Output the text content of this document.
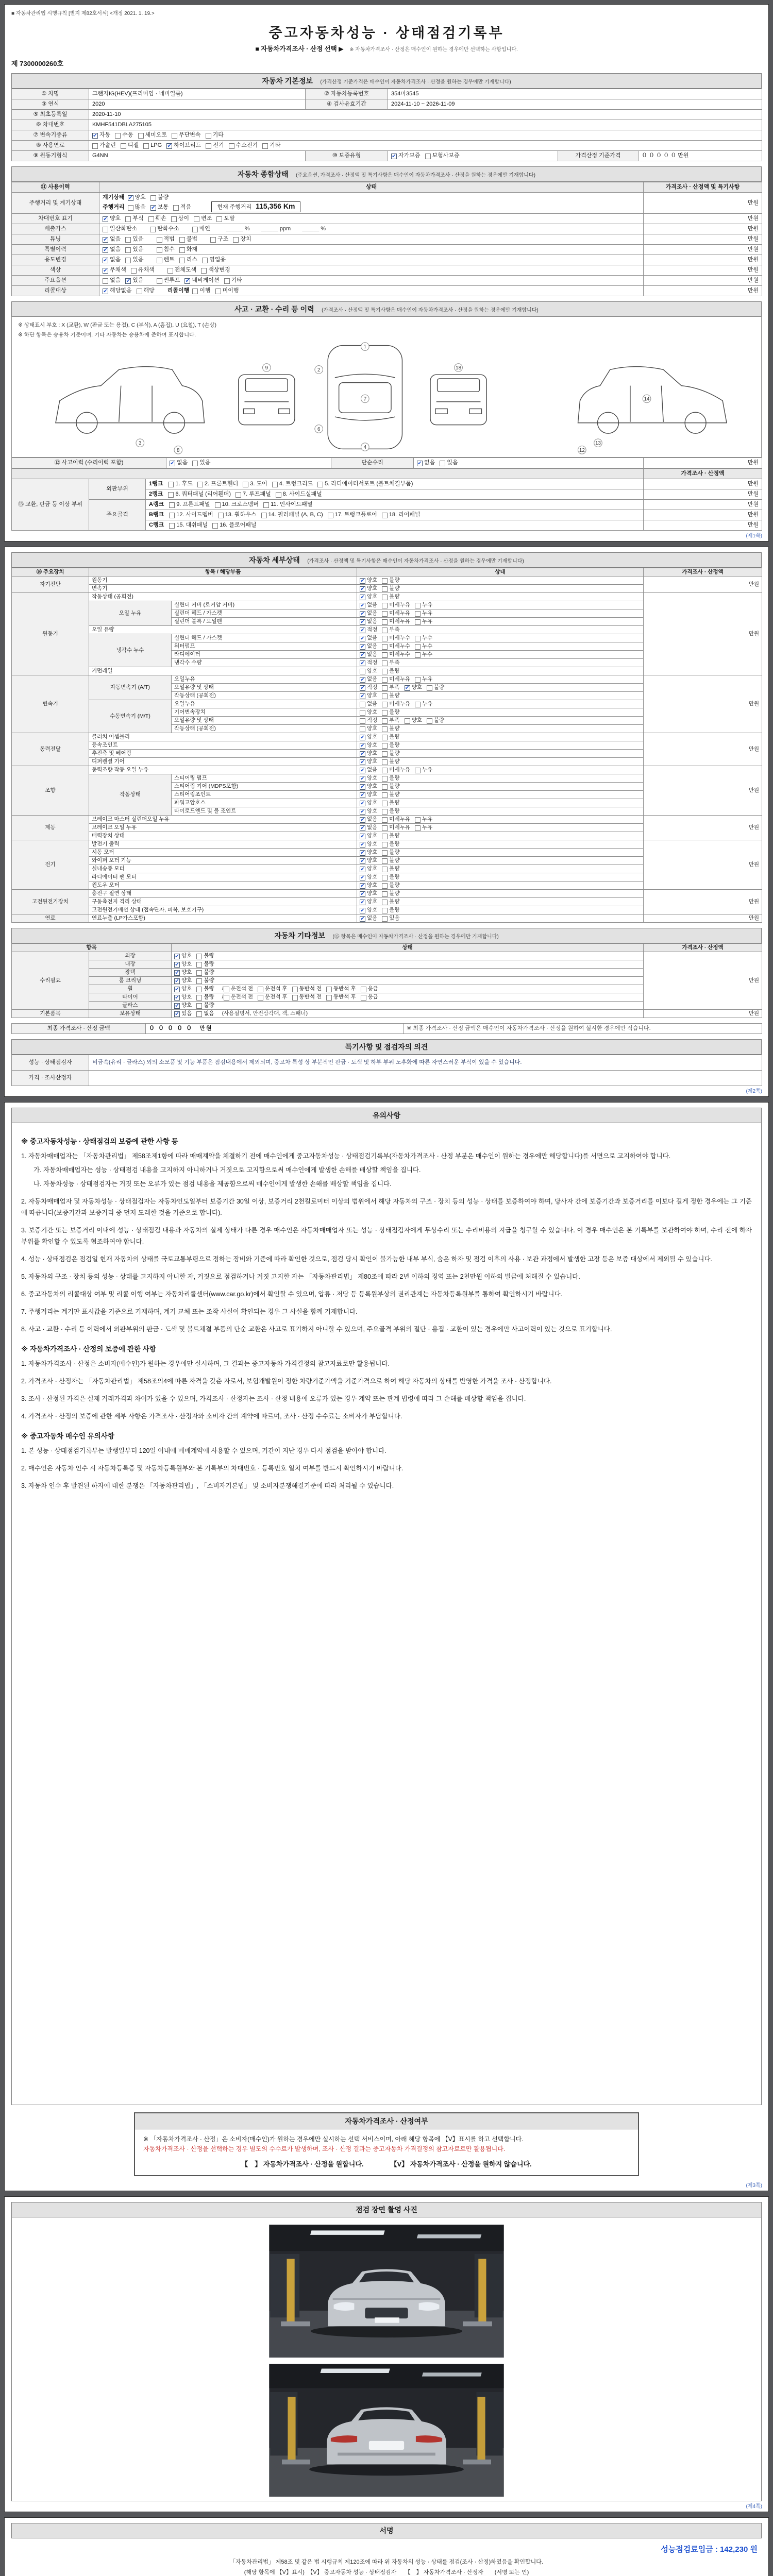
■ 자동차관리법 시행규칙 [별지 제82호서식] <개정 2021. 1. 19.>
중고자동차성능 · 상태점검기록부
■ 자동차가격조사 · 산정 선택 ▶ ※ 자동차가격조사 · 산정은 매수인이 원하는 경우에만 선택하는 사항입니다.
제 7300000260호
자동차 기본정보 (가격산정 기준가격은 매수인이 자동차가격조사 · 산정을 원하는 경우에만 기재합니다)
① 차명	그랜저IG(HEV)(프리미엄 · 네비얼룸)	② 자동차등록번호	354마3545		
③ 연식	2020	④ 검사유효기간	2024-11-10 ~ 2026-11-09		
⑤ 최초등록일	2020-11-10				
⑥ 차대번호	KMHF541DBLA275105				
⑦ 변속기종류	✔ 자동 수동 세미오토 무단변속 기타				
⑧ 사용연료	가솔린 디젤 LPG ✔ 하이브리드 전기 수소전기 기타				
⑨ 원동기형식	G4NN	⑩ 보증유형	✔ 자가보증 보험사보증	가격산정 기준가격	０ ０ ０ ０ ０ 만원
자동차 종합상태 (주요옵션, 가격조사 · 산정액 및 특기사항은 매수인이 자동차가격조사 · 산정을 원하는 경우에만 기재합니다)
⑪ 사용이력	상태	가격조사 · 산정액 및 특기사항
주행거리 및 계기상태	계기상태 ✔ 양호 불량
주행거리 많음 ✔ 보통 적음 현재 주행거리 115,356 Km	만원
차대번호 표기	✔ 양호 부식 훼손 상이 변조 도말	만원
배출가스	일산화탄소 탄화수소 매연 ＿＿＿ %　　＿＿＿ ppm　　＿＿＿ %	만원
튜닝	✔ 없음 있음 적법 불법 구조 장치	만원
특별이력	✔ 없음 있음 침수 화재	만원
용도변경	✔ 없음 있음 렌트 리스 영업용	만원
색상	✔ 무채색 유채색 전체도색 색상변경	만원
주요옵션	없음 ✔ 있음 썬루프 ✔ 네비게이션 기타	만원
리콜대상	✔ 해당없음 해당 리콜이행 이행 미이행	만원
사고 · 교환 · 수리 등 이력 (가격조사 · 산정액 및 특기사항은 매수인이 자동차가격조사 · 산정을 원하는 경우에만 기재합니다)
※ 상태표시 부호 : X (교환), W (판금 또는 용접), C (부식), A (흠집), U (요철), T (손상)
※ 하단 항목은 승용차 기준이며, 기타 자동차는 승용차에 준하여 표시합니다.
1
7
4
2
6
3
8
9
12
13
14
18
⑫ 사고이력 (수리이력 포함)	✔ 없음 있음	단순수리	✔ 없음 있음	만원
			가격조사 · 산정액
⑬ 교환, 판금 등 이상 부위	외판부위	1랭크 1. 후드 2. 프론트휀더 3. 도어 4. 트렁크리드 5. 라디에이터서포트 (볼트체결부품)	만원
		2랭크 6. 쿼터패널 (리어휀더) 7. 루프패널 8. 사이드실패널	만원
	주요골격	A랭크 9. 프론트패널 10. 크로스멤버 11. 인사이드패널	만원
		B랭크 12. 사이드멤버 13. 휠하우스 14. 필러패널 (A, B, C) 17. 트렁크플로어 18. 리어패널	만원
		C랭크 15. 대쉬패널 16. 플로어패널	만원
(제1쪽)
자동차 세부상태 (가격조사 · 산정액 및 특기사항은 매수인이 자동차가격조사 · 산정을 원하는 경우에만 기재합니다)
⑭ 주요장치	항목 / 해당부품		상태	가격조사 · 산정액
자기진단	원동기		✔ 양호 불량	만원
	변속기		✔ 양호 불량	
원동기	작동상태 (공회전)		✔ 양호 불량	만원
	오일 누유	실린더 커버 (로커암 커버)	✔ 없음 미세누유 누유	
		실린더 헤드 / 가스켓	✔ 없음 미세누유 누유	
		실린더 블록 / 오일팬	✔ 없음 미세누유 누유	
	오일 유량		✔ 적정 부족	
	냉각수 누수	실린더 헤드 / 가스켓	✔ 없음 미세누수 누수	
		워터펌프	✔ 없음 미세누수 누수	
		라디에이터	✔ 없음 미세누수 누수	
		냉각수 수량	✔ 적정 부족	
	커먼레일		양호 불량	
변속기	자동변속기 (A/T)	오일누유	✔ 없음 미세누유 누유	만원
		오일유량 및 상태	✔ 적정 부족 ✔ 양호 불량	
		작동상태 (공회전)	✔ 양호 불량	
	수동변속기 (M/T)	오일누유	없음 미세누유 누유	
		기어변속장치	양호 불량	
		오일유량 및 상태	적정 부족 양호 불량	
		작동상태 (공회전)	양호 불량	
동력전달	클러치 어셈블리		✔ 양호 불량	만원
	등속조인트		✔ 양호 불량	
	추진축 및 베어링		✔ 양호 불량	
	디퍼렌셜 기어		✔ 양호 불량	
조향	동력조향 작동 오일 누유		✔ 없음 미세누유 누유	만원
	작동상태	스티어링 펌프	✔ 양호 불량	
		스티어링 기어 (MDPS포함)	✔ 양호 불량	
		스티어링조인트	✔ 양호 불량	
		파워고압호스	✔ 양호 불량	
		타이로드엔드 및 볼 조인트	✔ 양호 불량	
제동	브레이크 마스터 실린더오일 누유		✔ 없음 미세누유 누유	만원
	브레이크 오일 누유		✔ 없음 미세누유 누유	
	배력장치 상태		✔ 양호 불량	
전기	발전기 출력		✔ 양호 불량	만원
	시동 모터		✔ 양호 불량	
	와이퍼 모터 기능		✔ 양호 불량	
	실내송풍 모터		✔ 양호 불량	
	라디에이터 팬 모터		✔ 양호 불량	
	윈도우 모터		✔ 양호 불량	
고전원전기장치	충전구 절연 상태		✔ 양호 불량	만원
	구동축전지 격리 상태		✔ 양호 불량	
	고전원전기배선 상태 (접속단자, 피복, 보호기구)		✔ 양호 불량	
연료	연료누출 (LP가스포함)		✔ 없음 있음	만원
자동차 기타정보 (⑮ 항목은 매수인이 자동차가격조사 · 산정을 원하는 경우에만 기재합니다)
항목		상태	가격조사 · 산정액
수리필요	외장	✔ 양호 불량	만원
	내장	✔ 양호 불량	
	광택	✔ 양호 불량	
	룸 크리닝	✔ 양호 불량	
	휠	✔ 양호 불량 / 운전석 전 운전석 후 동반석 전 동반석 후 응급	
	타이어	✔ 양호 불량 / 운전석 전 운전석 후 동반석 전 동반석 후 응급	
	글라스	✔ 양호 불량	
기본품목	보유상태	✔ 있음 없음 (사용설명서, 안전삼각대, 잭, 스패너)	만원
최종 가격조사 · 산정 금액	０ ０ ０ ０ ０　 만원	※ 최종 가격조사 · 산정 금액은 매수인이 자동차가격조사 · 산정을 원하여 실시한 경우에만 적습니다.
특기사항 및 점검자의 의견
성능 · 상태점검자	비금속(유리 · 글라스) 외의 소모품 및 기능 부품은 점검내용에서 제외되며, 중고차 특성 상 부분적인 판금 · 도색 및 하부 부위 노후화에 따른 자연스러운 부식이 있을 수 있습니다.
가격 · 조사산정자	
(제2쪽)
유의사항
※ 중고자동차성능 · 상태점검의 보증에 관한 사항 등
1. 자동차매매업자는 「자동차관리법」 제58조제1항에 따라 매매계약을 체결하기 전에 매수인에게 중고자동차성능 · 상태점검기록부(자동차가격조사 · 산정 부분은 매수인이 원하는 경우에만 해당합니다)를 서면으로 고지하여야 합니다.
가. 자동차매매업자는 성능 · 상태점검 내용을 고지하지 아니하거나 거짓으로 고지함으로써 매수인에게 발생한 손해를 배상할 책임을 집니다.
나. 자동차성능 · 상태점검자는 거짓 또는 오류가 있는 점검 내용을 제공함으로써 매수인에게 발생한 손해를 배상할 책임을 집니다.
2. 자동차매매업자 및 자동차성능 · 상태점검자는 자동차인도일부터 보증기간 30일 이상, 보증거리 2천킬로미터 이상의 범위에서 해당 자동차의 구조 · 장치 등의 성능 · 상태를 보증하여야 하며, 당사자 간에 보증기간과 보증거리를 이보다 길게 정한 경우에는 그 기준에 따릅니다(보증기간과 보증거리 중 먼저 도래한 것을 기준으로 합니다).
3. 보증기간 또는 보증거리 이내에 성능 · 상태점검 내용과 자동차의 실제 상태가 다른 경우 매수인은 자동차매매업자 또는 성능 · 상태점검자에게 무상수리 또는 수리비용의 지급을 청구할 수 있습니다. 이 경우 매수인은 본 기록부를 보관하여야 하며, 수리 전에 하자 부위를 확인할 수 있도록 협조하여야 합니다.
4. 성능 · 상태점검은 점검일 현재 자동차의 상태를 국토교통부령으로 정하는 장비와 기준에 따라 확인한 것으로, 점검 당시 확인이 불가능한 내부 부식, 숨은 하자 및 점검 이후의 사용 · 보관 과정에서 발생한 고장 등은 보증 대상에서 제외될 수 있습니다.
5. 자동차의 구조 · 장치 등의 성능 · 상태를 고지하지 아니한 자, 거짓으로 점검하거나 거짓 고지한 자는 「자동차관리법」 제80조에 따라 2년 이하의 징역 또는 2천만원 이하의 벌금에 처해질 수 있습니다.
6. 중고자동차의 리콜대상 여부 및 리콜 이행 여부는 자동차리콜센터(www.car.go.kr)에서 확인할 수 있으며, 압류 · 저당 등 등록원부상의 권리관계는 자동차등록원부를 통하여 확인하시기 바랍니다.
7. 주행거리는 계기판 표시값을 기준으로 기재하며, 계기 교체 또는 조작 사실이 확인되는 경우 그 사실을 함께 기재합니다.
8. 사고 · 교환 · 수리 등 이력에서 외판부위의 판금 · 도색 및 볼트체결 부품의 단순 교환은 사고로 표기하지 아니할 수 있으며, 주요골격 부위의 절단 · 용접 · 교환이 있는 경우에만 사고이력이 있는 것으로 표기합니다.
※ 자동차가격조사 · 산정의 보증에 관한 사항
1. 자동차가격조사 · 산정은 소비자(매수인)가 원하는 경우에만 실시하며, 그 결과는 중고자동차 가격결정의 참고자료로만 활용됩니다.
2. 가격조사 · 산정자는 「자동차관리법」 제58조의4에 따른 자격을 갖춘 자로서, 보험개발원이 정한 차량기준가액을 기준가격으로 하여 해당 자동차의 상태를 반영한 가격을 조사 · 산정합니다.
3. 조사 · 산정된 가격은 실제 거래가격과 차이가 있을 수 있으며, 가격조사 · 산정자는 조사 · 산정 내용에 오류가 있는 경우 계약 또는 관계 법령에 따라 그 손해를 배상할 책임을 집니다.
4. 가격조사 · 산정의 보증에 관한 세부 사항은 가격조사 · 산정자와 소비자 간의 계약에 따르며, 조사 · 산정 수수료는 소비자가 부담합니다.
※ 중고자동차 매수인 유의사항
1. 본 성능 · 상태점검기록부는 발행일부터 120일 이내에 매매계약에 사용할 수 있으며, 기간이 지난 경우 다시 점검을 받아야 합니다.
2. 매수인은 자동차 인수 시 자동차등록증 및 자동차등록원부와 본 기록부의 차대번호 · 등록번호 일치 여부를 반드시 확인하시기 바랍니다.
3. 자동차 인수 후 발견된 하자에 대한 분쟁은 「자동차관리법」, 「소비자기본법」 및 소비자분쟁해결기준에 따라 처리될 수 있습니다.
자동차가격조사 · 산정여부
※ 「자동차가격조사 · 산정」은 소비자(매수인)가 원하는 경우에만 실시하는 선택 서비스이며, 아래 해당 항목에 【V】표시를 하고 선택합니다.
자동차가격조사 · 산정을 선택하는 경우 별도의 수수료가 발생하며, 조사 · 산정 결과는 중고자동차 가격결정의 참고자료로만 활용됩니다.
【　】 자동차가격조사 · 산정을 원합니다.	【V】 자동차가격조사 · 산정을 원하지 않습니다.
(제3쪽)
점검 장면 촬영 사진
(제4쪽)
서명
성능점검료입금 : 142,230 원
「자동차관리법」 제58조 및 같은 법 시행규칙 제120조에 따라 위 자동차의 성능 · 상태를 점검(조사 · 산정)하였음을 확인합니다.
(해당 항목에 【V】표시)　【V】 중고자동차 성능 · 상태점검자　　【　】 자동차가격조사 · 산정자　　(서명 또는 인)
